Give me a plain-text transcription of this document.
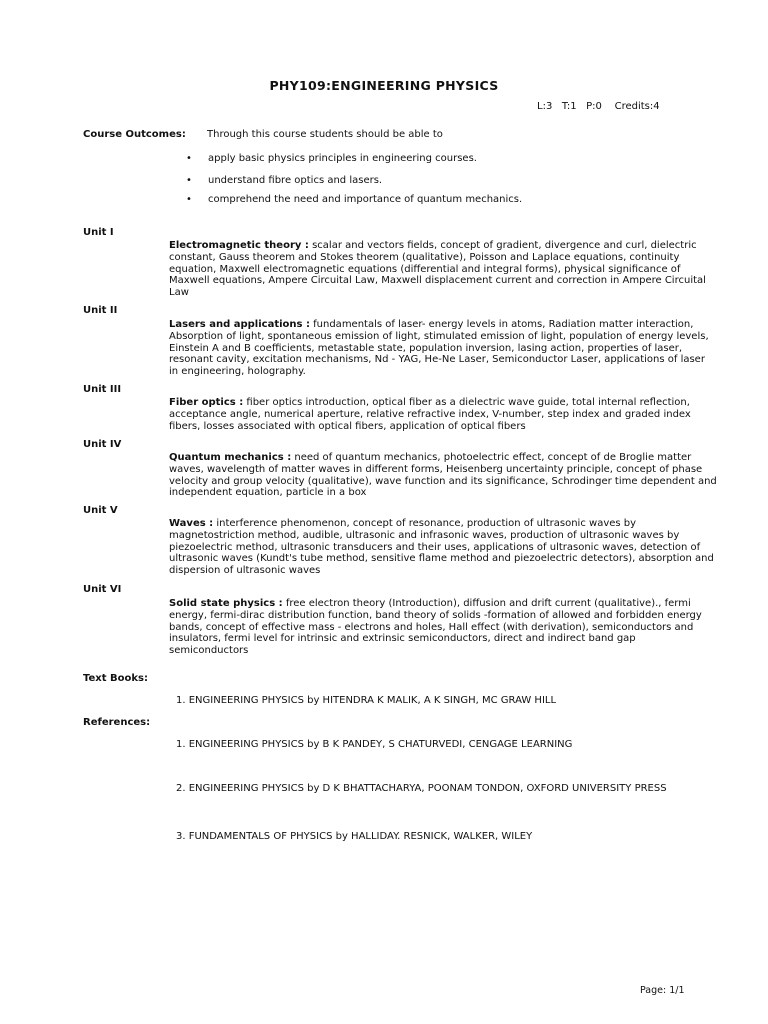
PHY109:ENGINEERING PHYSICS
L:3   T:1   P:0    Credits:4
Course Outcomes: Through this course students should be able to
• apply basic physics principles in engineering courses.
• understand fibre optics and lasers.
• comprehend the need and importance of quantum mechanics.
Unit I
Electromagnetic theory : scalar and vectors fields, concept of gradient, divergence and curl, dielectric constant, Gauss theorem and Stokes theorem (qualitative), Poisson and Laplace equations, continuity equation, Maxwell electromagnetic equations (differential and integral forms), physical significance of Maxwell equations, Ampere Circuital Law, Maxwell displacement current and correction in Ampere Circuital Law
Unit II
Lasers and applications : fundamentals of laser- energy levels in atoms, Radiation matter interaction, Absorption of light, spontaneous emission of light, stimulated emission of light, population of energy levels, Einstein A and B coefficients, metastable state, population inversion, lasing action, properties of laser, resonant cavity, excitation mechanisms, Nd - YAG, He-Ne Laser, Semiconductor Laser, applications of laser in engineering, holography.
Unit III
Fiber optics : fiber optics introduction, optical fiber as a dielectric wave guide, total internal reflection, acceptance angle, numerical aperture, relative refractive index, V-number, step index and graded index fibers, losses associated with optical fibers, application of optical fibers
Unit IV
Quantum mechanics : need of quantum mechanics, photoelectric effect, concept of de Broglie matter waves, wavelength of matter waves in different forms, Heisenberg uncertainty principle, concept of phase velocity and group velocity (qualitative), wave function and its significance, Schrodinger time dependent and independent equation, particle in a box
Unit V
Waves : interference phenomenon, concept of resonance, production of ultrasonic waves by magnetostriction method, audible, ultrasonic and infrasonic waves, production of ultrasonic waves by piezoelectric method, ultrasonic transducers and their uses, applications of ultrasonic waves, detection of ultrasonic waves (Kundt's tube method, sensitive flame method and piezoelectric detectors), absorption and dispersion of ultrasonic waves
Unit VI
Solid state physics : free electron theory (Introduction), diffusion and drift current (qualitative)., fermi energy, fermi-dirac distribution function, band theory of solids -formation of allowed and forbidden energy bands, concept of effective mass - electrons and holes, Hall effect (with derivation), semiconductors and insulators, fermi level for intrinsic and extrinsic semiconductors, direct and indirect band gap semiconductors
Text Books:
1. ENGINEERING PHYSICS by HITENDRA K MALIK, A K SINGH, MC GRAW HILL
References:
1. ENGINEERING PHYSICS by B K PANDEY, S CHATURVEDI, CENGAGE LEARNING
2. ENGINEERING PHYSICS by D K BHATTACHARYA, POONAM TONDON, OXFORD UNIVERSITY PRESS
3. FUNDAMENTALS OF PHYSICS by HALLIDAY. RESNICK, WALKER, WILEY
Page: 1/1
